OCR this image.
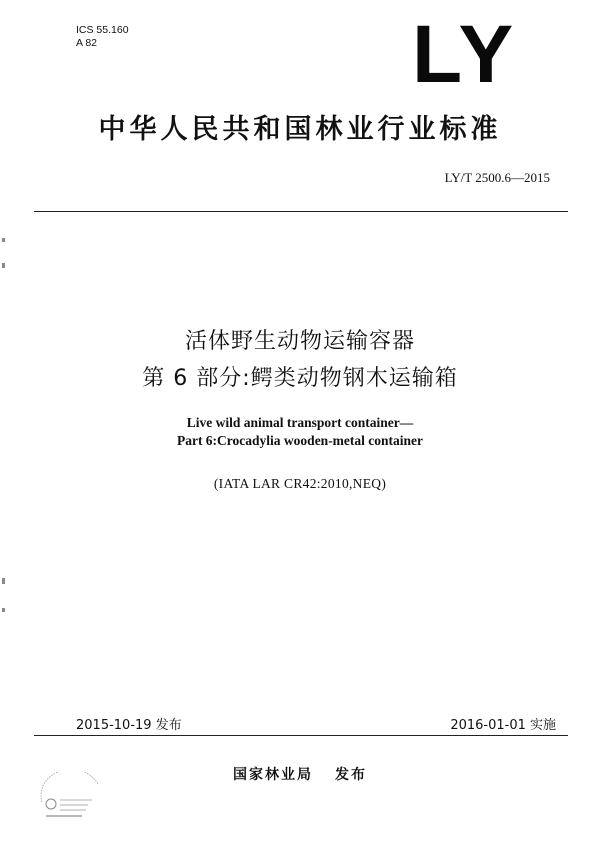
ICS 55.160
A 82	LY
中华人民共和国林业行业标准
LY/T 2500.6—2015
活体野生动物运输容器
第 6 部分:鳄类动物钢木运输箱
Live wild animal transport container—
Part 6:Crocadylia wooden-metal container
(IATA LAR CR42:2010,NEQ)
2015-10-19 发布	2016-01-01 实施
国家林业局 发布
